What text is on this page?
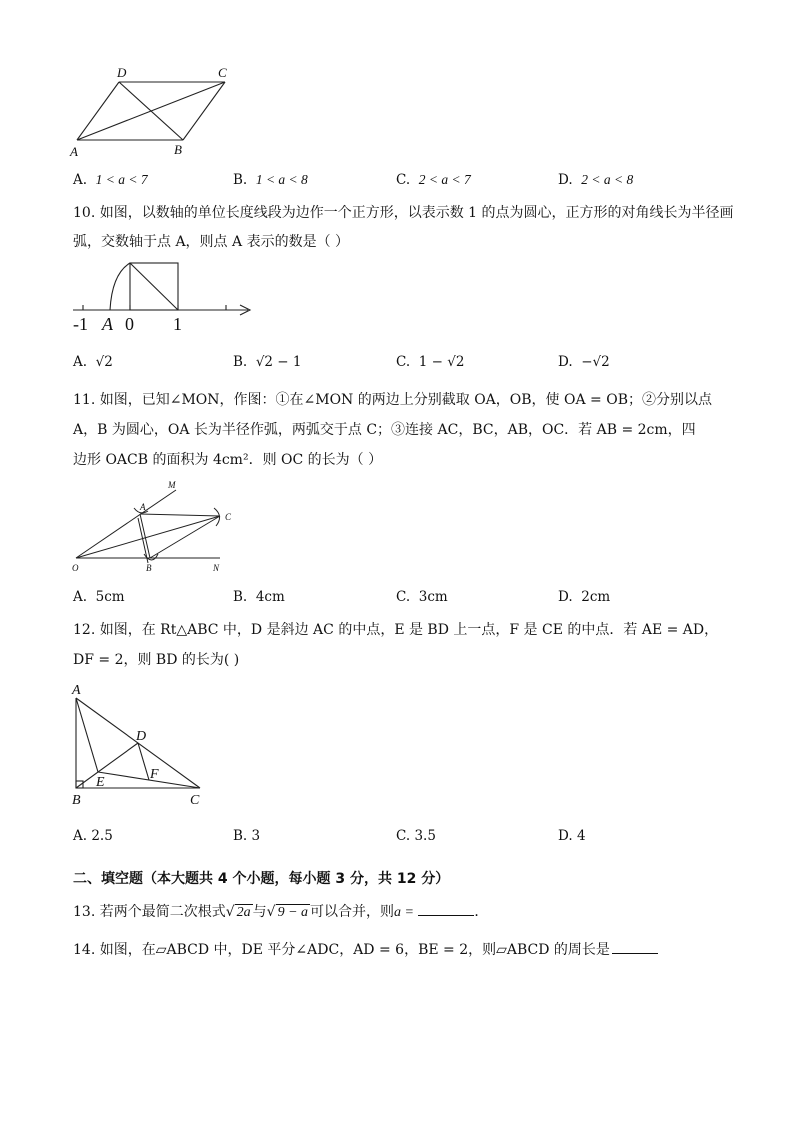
D	C
A	B
A. 1 < a < 7	B. 1 < a < 8	C. 2 < a < 7	D. 2 < a < 8
10. 如图，以数轴的单位长度线段为边作一个正方形，以表示数 1 的点为圆心，正方形的对角线长为半径画
弧，交数轴于点 A，则点 A 表示的数是（ ）
-1 A 0 1
A. √2	B. √2 − 1	C. 1 − √2	D. −√2
11. 如图，已知∠MON，作图：①在∠MON 的两边上分别截取 OA，OB，使 OA = OB；②分别以点
A，B 为圆心，OA 长为半径作弧，两弧交于点 C；③连接 AC，BC，AB，OC．若 AB = 2cm，四
边形 OACB 的面积为 4cm²．则 OC 的长为（ ）
M
A
C
O	B	N
A. 5cm	B. 4cm	C. 3cm	D. 2cm
12. 如图，在 Rt△ABC 中，D 是斜边 AC 的中点，E 是 BD 上一点，F 是 CE 的中点．若 AE = AD，
DF = 2，则 BD 的长为( )
A
D
F
E
B	C
A. 2.5	B. 3	C. 3.5	D. 4
二、填空题（本大题共 4 个小题，每小题 3 分，共 12 分）
13. 若两个最简二次根式√ 2a 与√ 9 − a 可以合并，则a =	．
14. 如图，在▱ABCD 中，DE 平分∠ADC，AD = 6，BE = 2，则▱ABCD 的周长是
